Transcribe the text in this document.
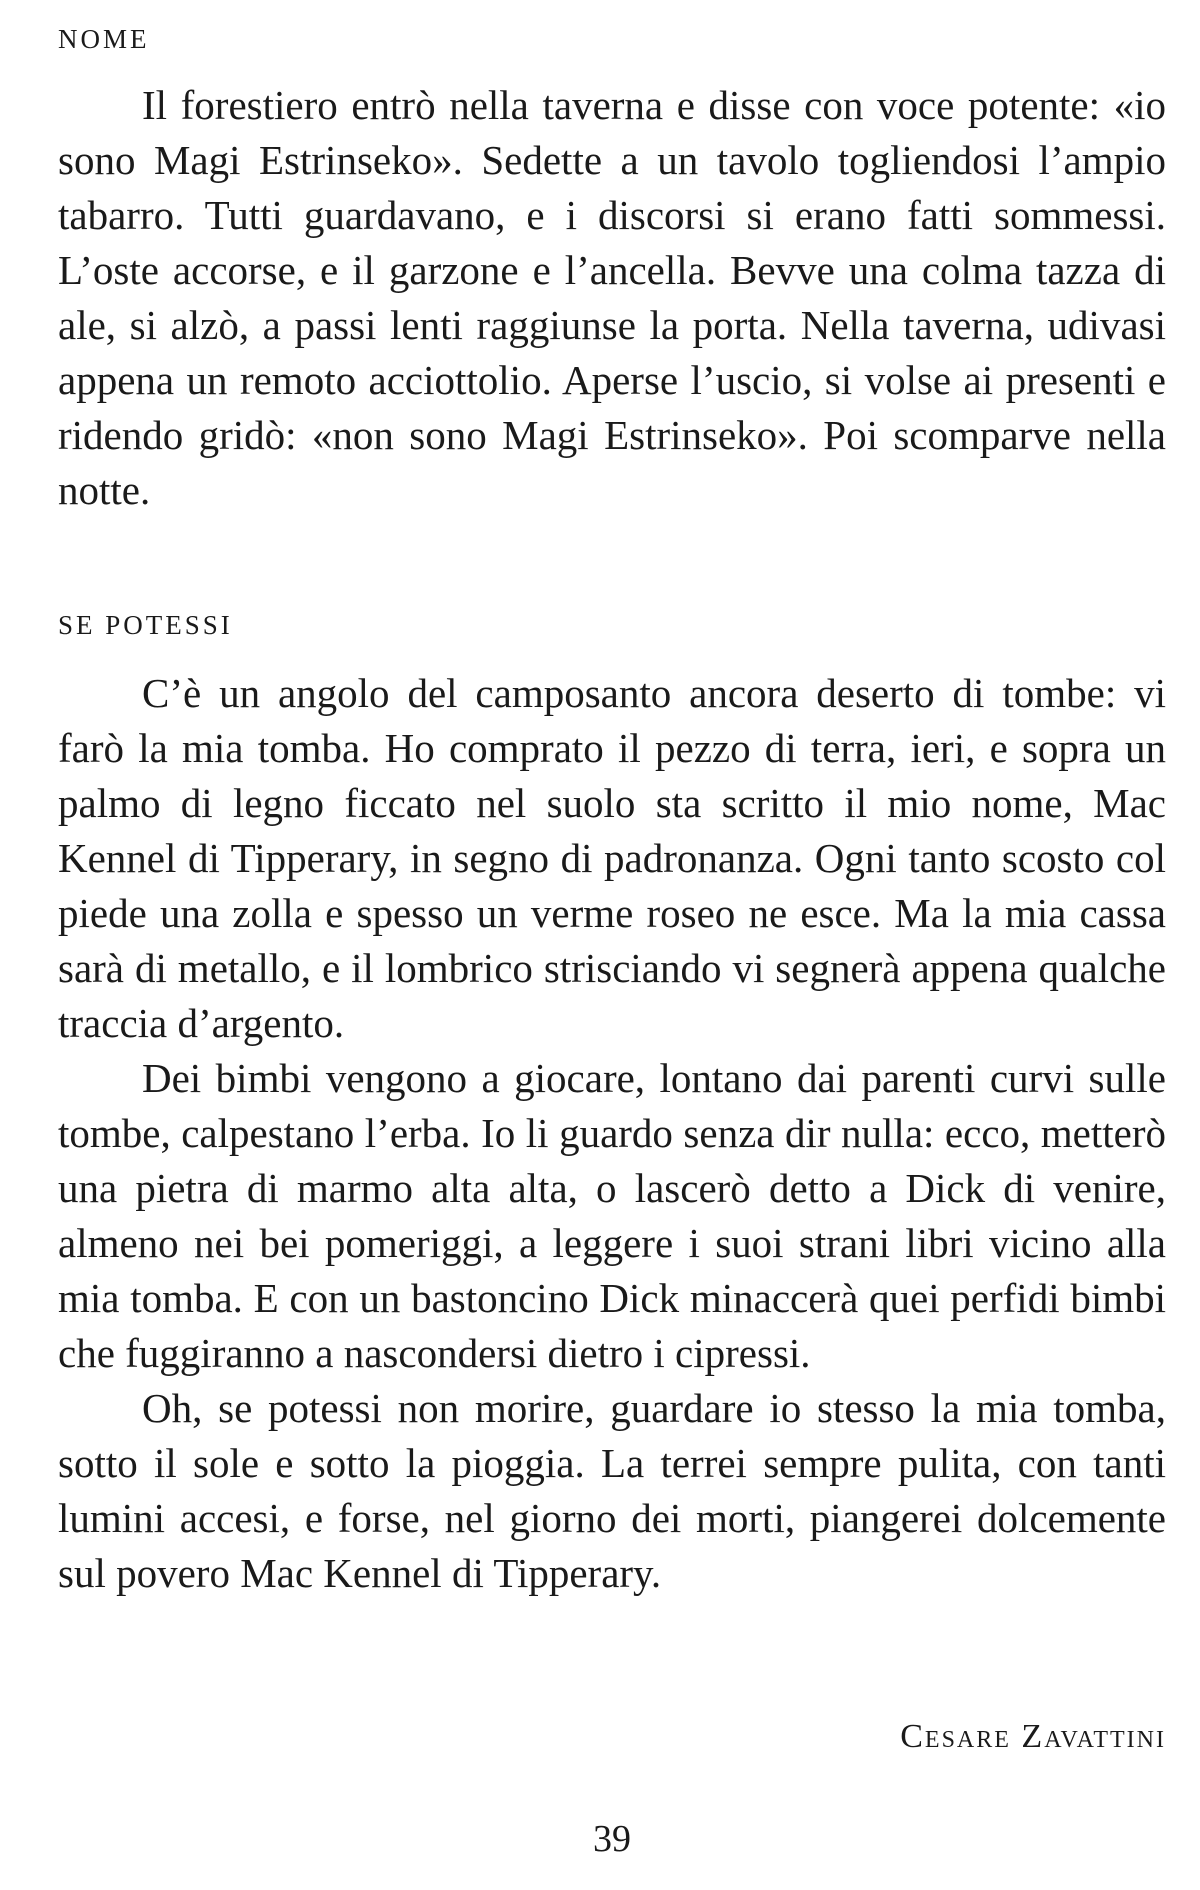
NOME

Il forestiero entrò nella taverna e disse con voce potente: «io sono Magi Estrinseko». Sedette a un tavolo togliendosi l’ampio tabarro. Tutti guardavano, e i discorsi si erano fatti sommessi. L’oste accorse, e il garzone e l’ancella. Bevve una colma tazza di ale, si alzò, a passi lenti raggiunse la porta. Nella taverna, udivasi appena un remoto acciottolio. Aperse l’uscio, si volse ai presenti e ridendo gridò: «non sono Magi Estrinseko». Poi scomparve nella notte.

SE POTESSI

C’è un angolo del camposanto ancora deserto di tombe: vi farò la mia tomba. Ho comprato il pezzo di terra, ieri, e sopra un palmo di legno ficcato nel suolo sta scritto il mio nome, Mac Kennel di Tipperary, in segno di padronanza. Ogni tanto scosto col piede una zolla e spesso un verme roseo ne esce. Ma la mia cassa sarà di metallo, e il lombrico strisciando vi segnerà appena qualche traccia d’argento.

Dei bimbi vengono a giocare, lontano dai parenti curvi sulle tombe, calpestano l’erba. Io li guardo senza dir nulla: ecco, metterò una pietra di marmo alta alta, o lascerò detto a Dick di venire, almeno nei bei pomeriggi, a leggere i suoi strani libri vicino alla mia tomba. E con un bastoncino Dick minaccerà quei perfidi bimbi che fuggiranno a nascondersi dietro i cipressi.

Oh, se potessi non morire, guardare io stesso la mia tomba, sotto il sole e sotto la pioggia. La terrei sempre pulita, con tanti lumini accesi, e forse, nel giorno dei morti, piangerei dolcemente sul povero Mac Kennel di Tipperary.

Cesare Zavattini
39
